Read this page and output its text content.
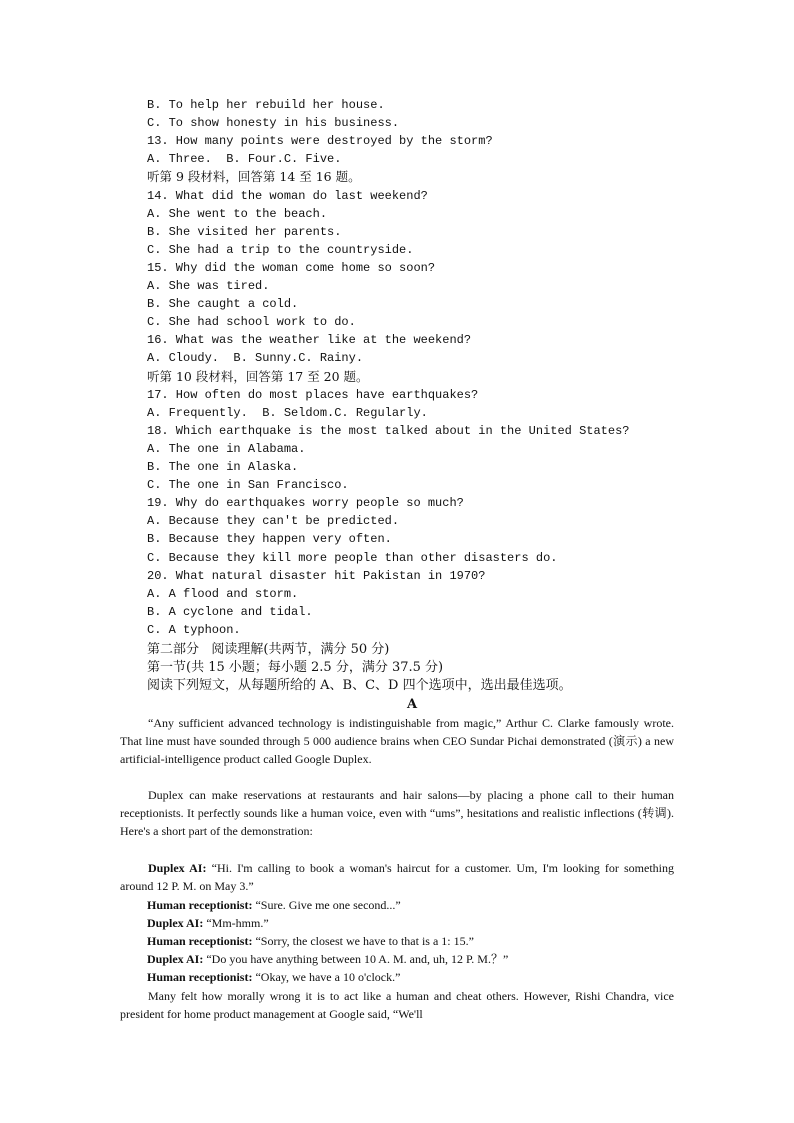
B. To help her rebuild her house.
C. To show honesty in his business.
13. How many points were destroyed by the storm?
A. Three.  B. Four.C. Five.
听第 9 段材料，回答第 14 至 16 题。
14. What did the woman do last weekend?
A. She went to the beach.
B. She visited her parents.
C. She had a trip to the countryside.
15. Why did the woman come home so soon?
A. She was tired.
B. She caught a cold.
C. She had school work to do.
16. What was the weather like at the weekend?
A. Cloudy.  B. Sunny.C. Rainy.
听第 10 段材料，回答第 17 至 20 题。
17. How often do most places have earthquakes?
A. Frequently.  B. Seldom.C. Regularly.
18. Which earthquake is the most talked about in the United States?
A. The one in Alabama.
B. The one in Alaska.
C. The one in San Francisco.
19. Why do earthquakes worry people so much?
A. Because they can't be predicted.
B. Because they happen very often.
C. Because they kill more people than other disasters do.
20. What natural disaster hit Pakistan in 1970?
A. A flood and storm.
B. A cyclone and tidal.
C. A typhoon.
第二部分   阅读理解(共两节，满分 50 分)
第一节(共 15 小题；每小题 2.5 分，满分 37.5 分)
阅读下列短文，从每题所给的 A、B、C、D 四个选项中，选出最佳选项。
A
“Any sufficient advanced technology is indistinguishable from magic,” Arthur C. Clarke famously wrote. That line must have sounded through 5 000 audience brains when CEO Sundar Pichai demonstrated (演示) a new artificial-intelligence product called Google Duplex.
Duplex can make reservations at restaurants and hair salons—by placing a phone call to their human receptionists. It perfectly sounds like a human voice, even with “ums”, hesitations and realistic inflections (转调). Here's a short part of the demonstration:
Duplex AI: “Hi. I'm calling to book a woman's haircut for a customer. Um, I'm looking for something around 12 P. M. on May 3.”
Human receptionist: “Sure. Give me one second...”
Duplex AI: “Mm-hmm.”
Human receptionist: “Sorry, the closest we have to that is a 1: 15.”
Duplex AI: “Do you have anything between 10 A. M. and, uh, 12 P. M.？”
Human receptionist: “Okay, we have a 10 o'clock.”
Many felt how morally wrong it is to act like a human and cheat others. However, Rishi Chandra, vice president for home product management at Google said, “We'll
